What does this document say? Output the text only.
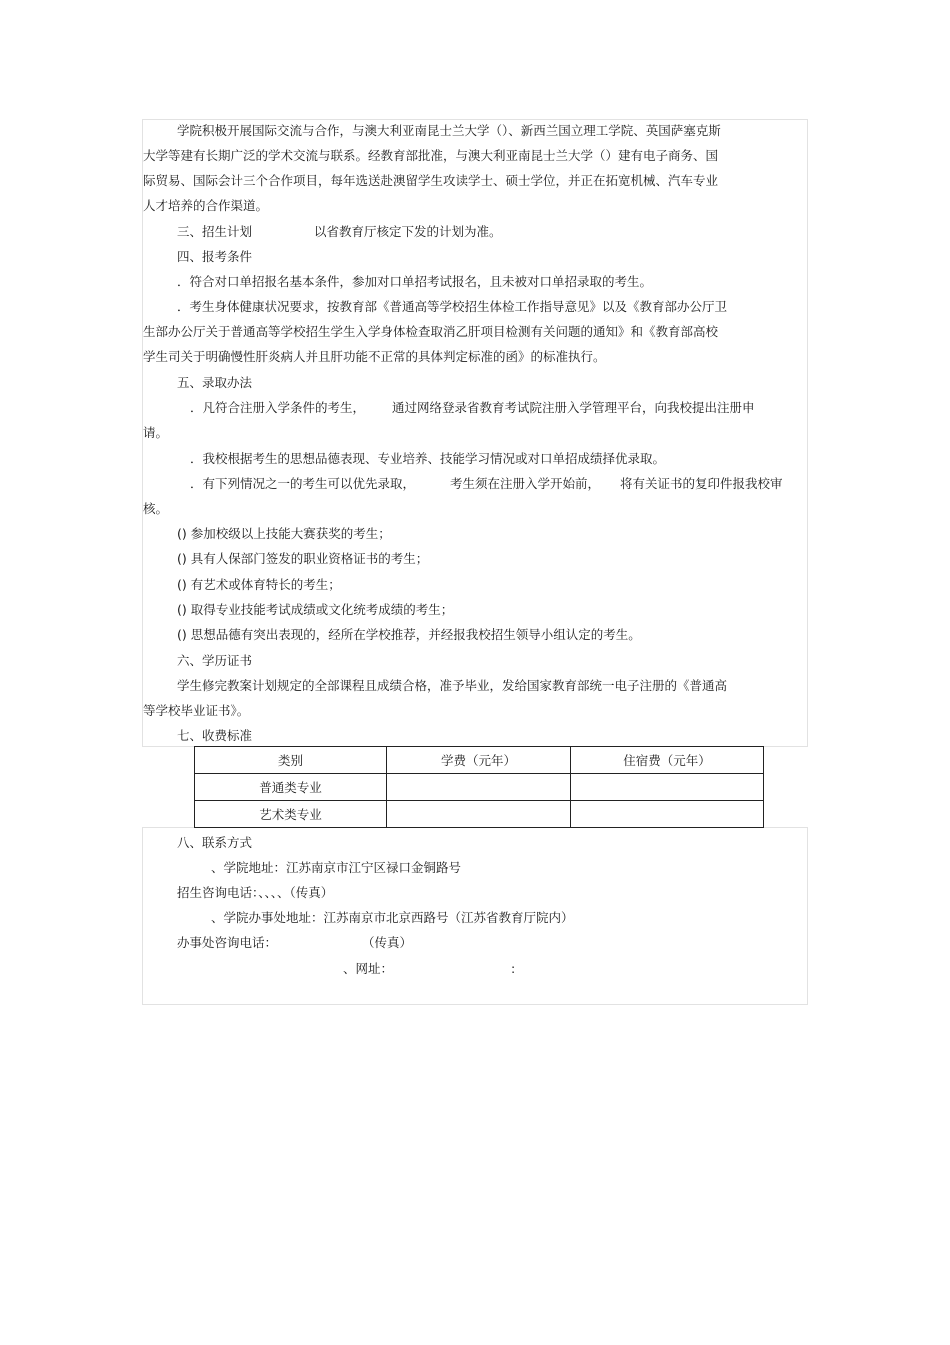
学院积极开展国际交流与合作，与澳大利亚南昆士兰大学（）、新西兰国立理工学院、英国萨塞克斯
大学等建有长期广泛的学术交流与联系。经教育部批准，与澳大利亚南昆士兰大学（）建有电子商务、国
际贸易、国际会计三个合作项目，每年选送赴澳留学生攻读学士、硕士学位，并正在拓宽机械、汽车专业
人才培养的合作渠道。
三、招生计划	以省教育厅核定下发的计划为准。
四、报考条件
．符合对口单招报名基本条件，参加对口单招考试报名，且未被对口单招录取的考生。
．考生身体健康状况要求，按教育部《普通高等学校招生体检工作指导意见》以及《教育部办公厅卫
生部办公厅关于普通高等学校招生学生入学身体检查取消乙肝项目检测有关问题的通知》和《教育部高校
学生司关于明确慢性肝炎病人并且肝功能不正常的具体判定标准的函》的标准执行。
五、录取办法
．凡符合注册入学条件的考生， 通过网络登录省教育考试院注册入学管理平台，向我校提出注册申
请。
．我校根据考生的思想品德表现、专业培养、技能学习情况或对口单招成绩择优录取。
．有下列情况之一的考生可以优先录取，	考生须在注册入学开始前， 将有关证书的复印件报我校审
核。
() 参加校级以上技能大赛获奖的考生；
() 具有人保部门签发的职业资格证书的考生；
() 有艺术或体育特长的考生；
() 取得专业技能考试成绩或文化统考成绩的考生；
() 思想品德有突出表现的，经所在学校推荐，并经报我校招生领导小组认定的考生。
六、学历证书
学生修完教案计划规定的全部课程且成绩合格，准予毕业，发给国家教育部统一电子注册的《普通高
等学校毕业证书》。
七、收费标准
类别	学费（元年）	住宿费（元年）
普通类专业		
艺术类专业		
八、联系方式
、学院地址：江苏南京市江宁区禄口金铜路号
招生咨询电话：、、、、（传真）
、学院办事处地址：江苏南京市北京西路号（江苏省教育厅院内）
办事处咨询电话：	（传真）
、网址：	:
